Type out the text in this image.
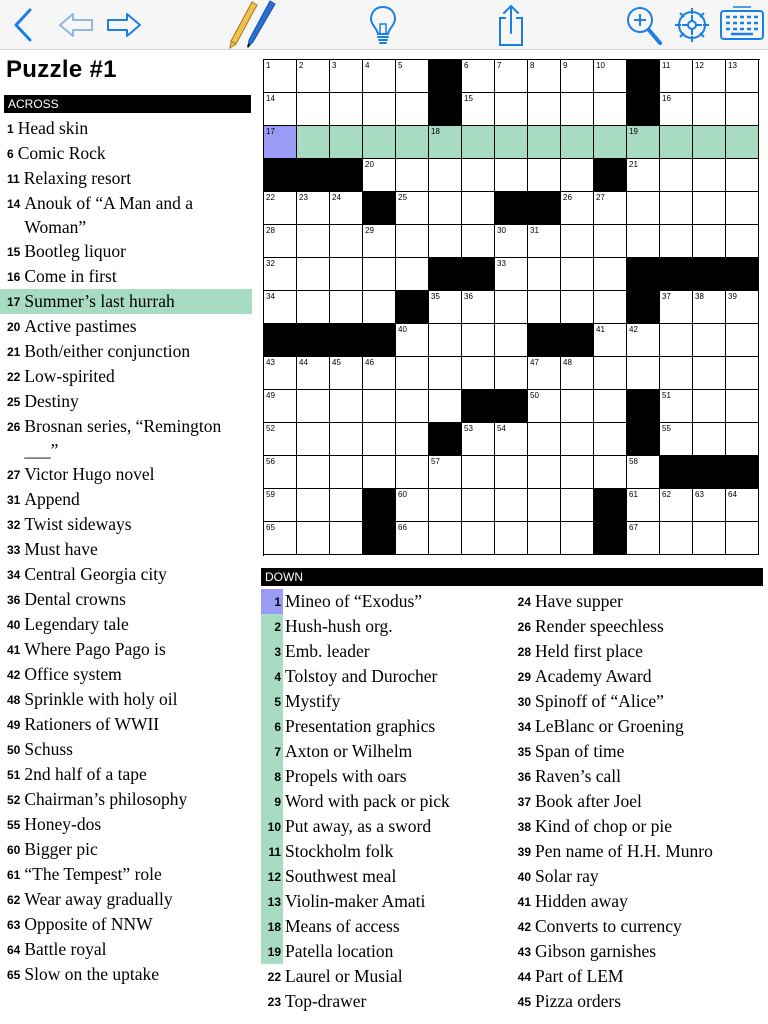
Puzzle #1
ACROSS
1 Head skin
6 Comic Rock
11 Relaxing resort
14 Anouk of “A Man and a Woman”
15 Bootleg liquor
16 Come in first
17 Summer’s last hurrah
20 Active pastimes
21 Both/either conjunction
22 Low-spirited
25 Destiny
26 Brosnan series, “Remington ___”
27 Victor Hugo novel
31 Append
32 Twist sideways
33 Must have
34 Central Georgia city
36 Dental crowns
40 Legendary tale
41 Where Pago Pago is
42 Office system
48 Sprinkle with holy oil
49 Rationers of WWII
50 Schuss
51 2nd half of a tape
52 Chairman’s philosophy
55 Honey-dos
60 Bigger pic
61 “The Tempest” role
62 Wear away gradually
63 Opposite of NNW
64 Battle royal
65 Slow on the uptake
1	2	3	4	5	6	7	8	9	10	11	12	13
14	15	16
17	18	19
20	21
22	23	24	25	26	27
28	29	30	31
32	33
34	35	36	37	38	39
40	41	42
43	44	45	46	47	48
49	50	51
52	53	54	55
56	57	58
59	60	61	62	63	64
65	66	67
DOWN
1 Mineo of “Exodus”
2 Hush-hush org.
3 Emb. leader
4 Tolstoy and Durocher
5 Mystify
6 Presentation graphics
7 Axton or Wilhelm
8 Propels with oars
9 Word with pack or pick
10 Put away, as a sword
11 Stockholm folk
12 Southwest meal
13 Violin-maker Amati
18 Means of access
19 Patella location
22 Laurel or Musial
23 Top-drawer
24 Have supper
26 Render speechless
28 Held first place
29 Academy Award
30 Spinoff of “Alice”
34 LeBlanc or Groening
35 Span of time
36 Raven’s call
37 Book after Joel
38 Kind of chop or pie
39 Pen name of H.H. Munro
40 Solar ray
41 Hidden away
42 Converts to currency
43 Gibson garnishes
44 Part of LEM
45 Pizza orders
